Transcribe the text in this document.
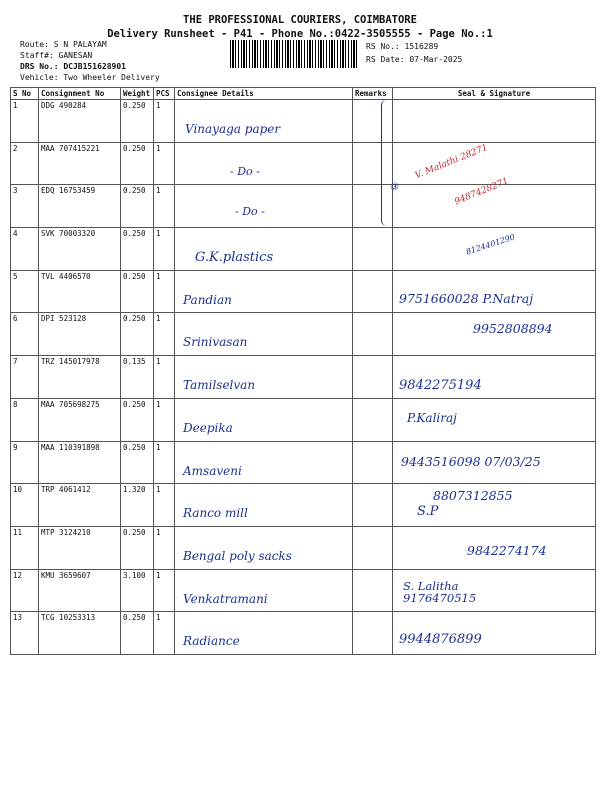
THE PROFESSIONAL COURIERS, COIMBATORE
Delivery Runsheet - P41 - Phone No.:0422-3505555 - Page No.:1
Route: S N PALAYAM
Staff#: GANESAN
DRS No.: DCJB151628901
Vehicle: Two Wheeler Delivery
RS No.: 1516289
RS Date: 07-Mar-2025
S No	Consignment No	Weight	PCS	Consignee Details	Remarks	Seal & Signature
1	DDG 490284	0.250	1	Vinayaga paper		

2	MAA 707415221	0.250	1	- Do -		V. Malathi 28271

3	EDQ 16753459	0.250	1	- Do -		9487428271

4	SVK 70003320	0.250	1	G.K.plastics		8124401290

5	TVL 4406570	0.250	1	Pandian		9751660028 P.Natraj

6	DPI 523128	0.250	1	Srinivasan		9952808894

7	TRZ 145017978	0.135	1	Tamilselvan		9842275194

8	MAA 705698275	0.250	1	Deepika		P.Kaliraj

9	MAA 110391898	0.250	1	Amsaveni		9443516098 07/03/25

10	TRP 4061412	1.320	1	Ranco mill		8807312855
S.P

11	MTP 3124210	0.250	1	Bengal poly sacks		9842274174

12	KMU 3659607	3.100	1	Venkatramani		S. Lalitha
9176470515

13	TCG 10253313	0.250	1	Radiance		9944876899
③
